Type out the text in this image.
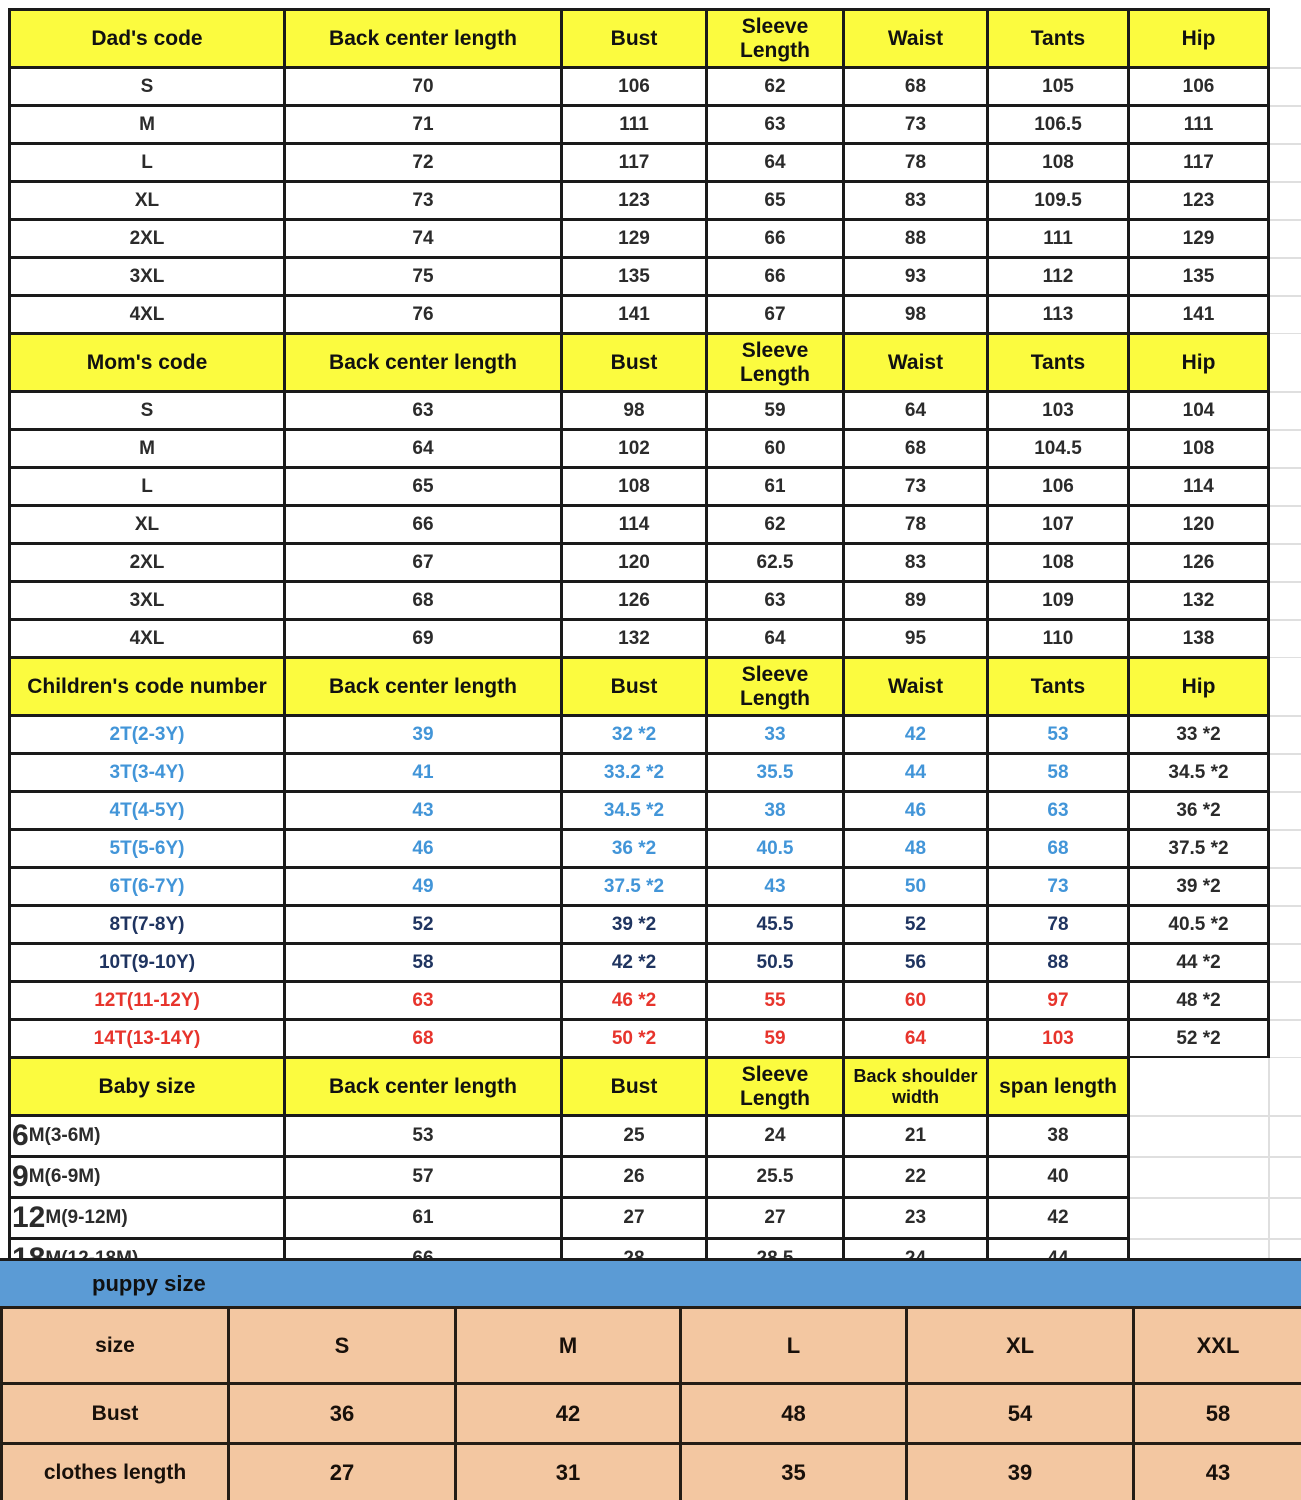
Dad's code	Back center length	Bust	Sleeve Length	Waist	Tants	Hip	
S	70	106	62	68	105	106	
M	71	111	63	73	106.5	111	
L	72	117	64	78	108	117	
XL	73	123	65	83	109.5	123	
2XL	74	129	66	88	111	129	
3XL	75	135	66	93	112	135	
4XL	76	141	67	98	113	141	
Mom's code	Back center length	Bust	Sleeve Length	Waist	Tants	Hip	
S	63	98	59	64	103	104	
M	64	102	60	68	104.5	108	
L	65	108	61	73	106	114	
XL	66	114	62	78	107	120	
2XL	67	120	62.5	83	108	126	
3XL	68	126	63	89	109	132	
4XL	69	132	64	95	110	138	
Children's code number	Back center length	Bust	Sleeve Length	Waist	Tants	Hip	
2T(2-3Y)	39	32 *2	33	42	53	33 *2	
3T(3-4Y)	41	33.2 *2	35.5	44	58	34.5 *2	
4T(4-5Y)	43	34.5 *2	38	46	63	36 *2	
5T(5-6Y)	46	36 *2	40.5	48	68	37.5 *2	
6T(6-7Y)	49	37.5 *2	43	50	73	39 *2	
8T(7-8Y)	52	39 *2	45.5	52	78	40.5 *2	
10T(9-10Y)	58	42 *2	50.5	56	88	44 *2	
12T(11-12Y)	63	46 *2	55	60	97	48 *2	
14T(13-14Y)	68	50 *2	59	64	103	52 *2	
Baby size	Back center length	Bust	Sleeve Length	Back shoulder width	span length		
6M(3-6M)	53	25	24	21	38		
9M(6-9M)	57	26	25.5	22	40		
12M(9-12M)	61	27	27	23	42		

puppy size
size	S	M	L	XL	XXL
Bust	36	42	48	54	58
clothes length	27	31	35	39	43
